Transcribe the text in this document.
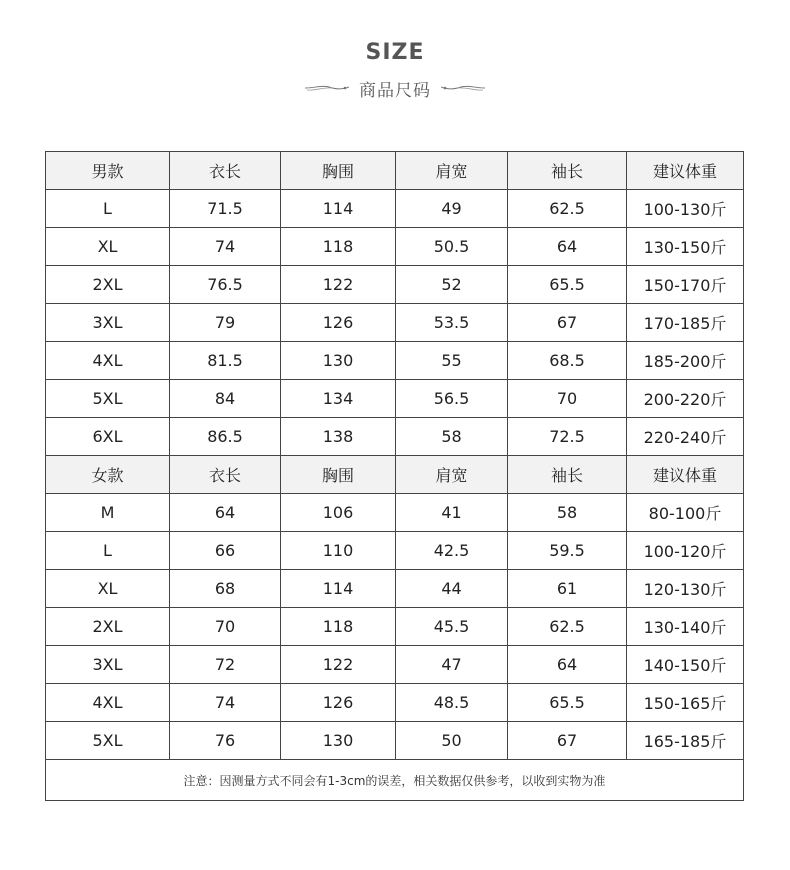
SIZE
商品尺码
男款	衣长	胸围	肩宽	袖长	建议体重
L	71.5	114	49	62.5	100-130斤
XL	74	118	50.5	64	130-150斤
2XL	76.5	122	52	65.5	150-170斤
3XL	79	126	53.5	67	170-185斤
4XL	81.5	130	55	68.5	185-200斤
5XL	84	134	56.5	70	200-220斤
6XL	86.5	138	58	72.5	220-240斤
女款	衣长	胸围	肩宽	袖长	建议体重
M	64	106	41	58	80-100斤
L	66	110	42.5	59.5	100-120斤
XL	68	114	44	61	120-130斤
2XL	70	118	45.5	62.5	130-140斤
3XL	72	122	47	64	140-150斤
4XL	74	126	48.5	65.5	150-165斤
5XL	76	130	50	67	165-185斤
注意：因测量方式不同会有1-3cm的误差，相关数据仅供参考，以收到实物为准					
